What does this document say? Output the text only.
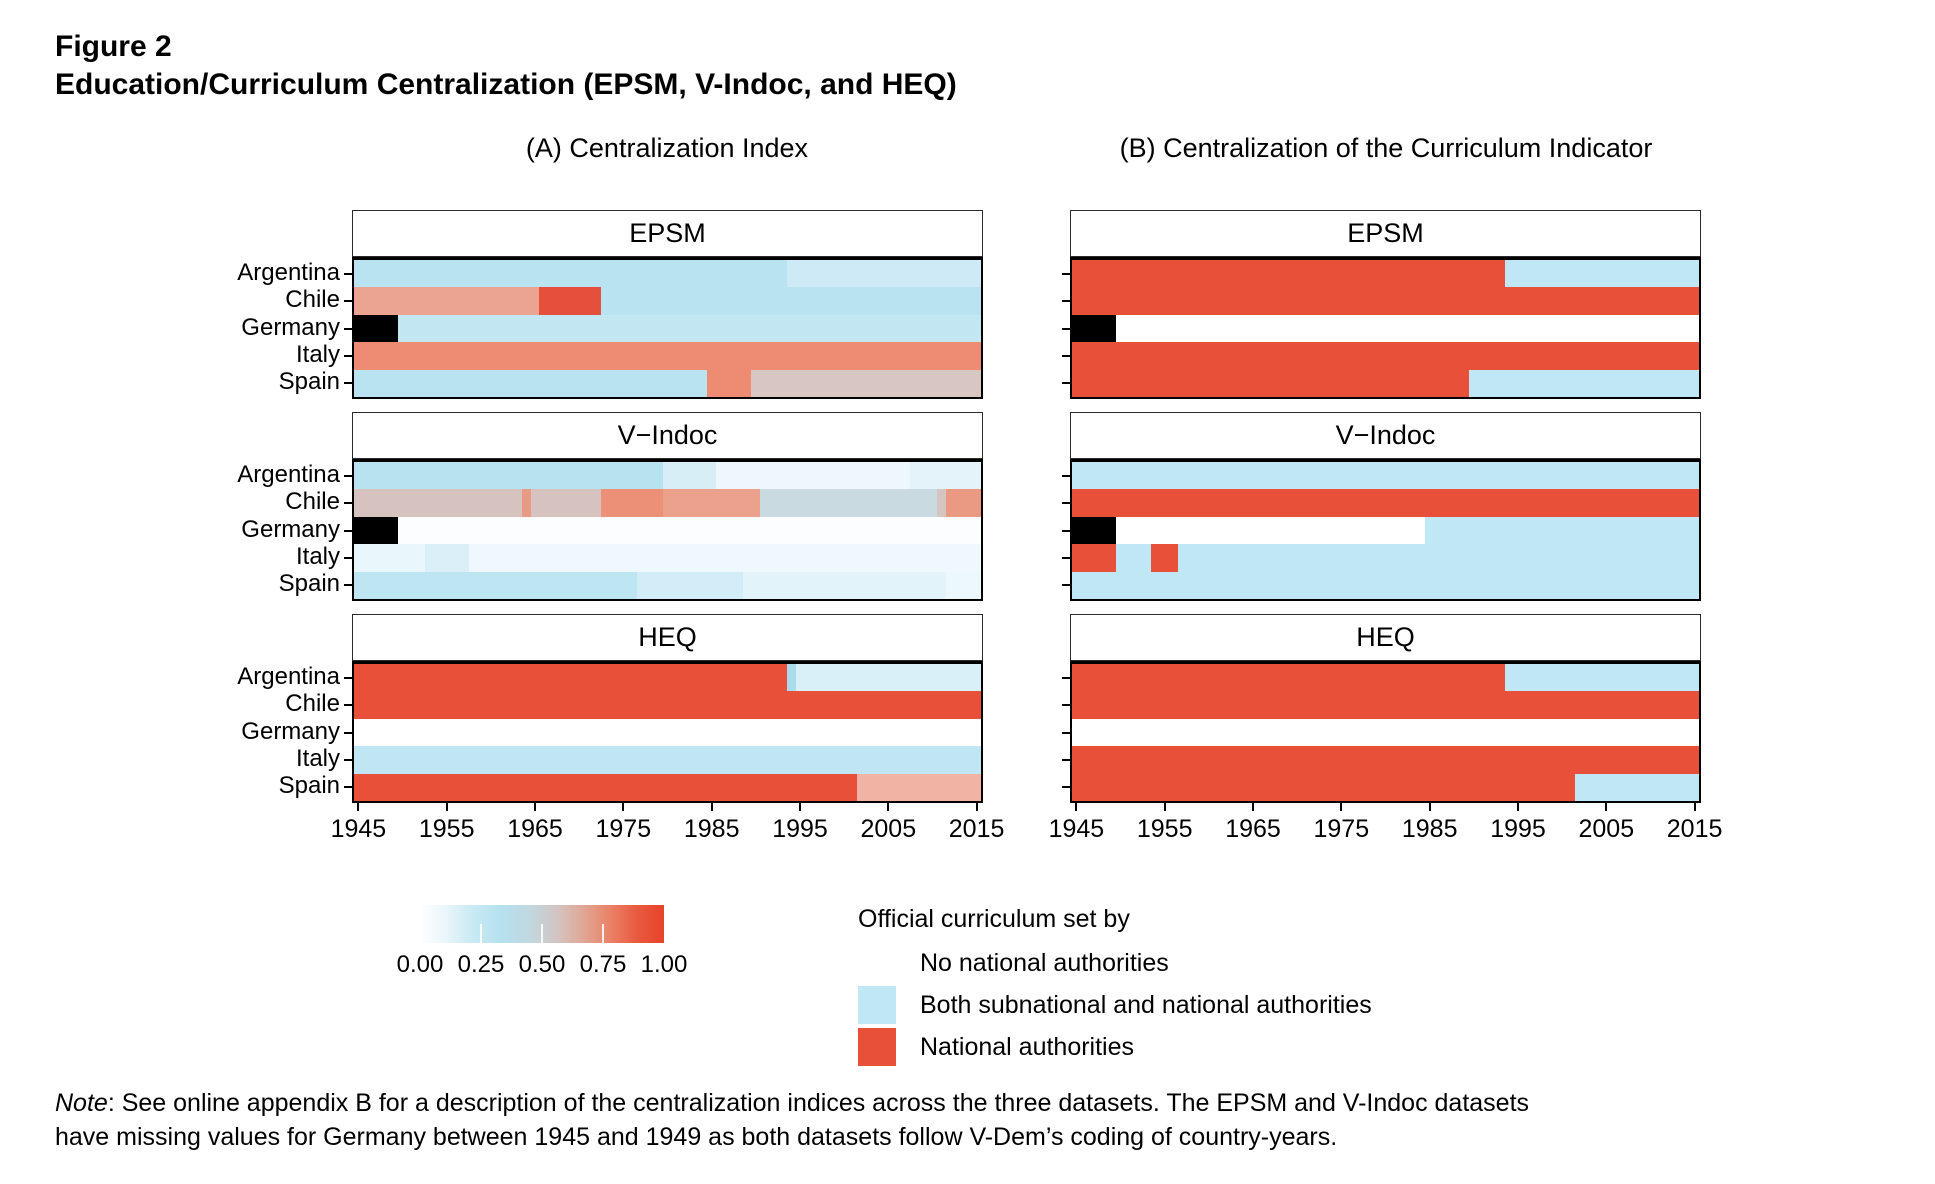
Figure 2
Education/Curriculum Centralization (EPSM, V-Indoc, and HEQ)
(A) Centralization Index	(B) Centralization of the Curriculum Indicator
EPSM
Argentina
Chile
Germany
Italy
Spain
V−Indoc
Argentina
Chile
Germany
Italy
Spain
HEQ
Argentina
Chile
Germany
Italy
Spain
1945 1955 1965 1975 1985 1995 2005 2015
EPSM
V−Indoc
HEQ
1945 1955 1965 1975 1985 1995 2005 2015
0.00 0.25 0.50 0.75 1.00
Official curriculum set by
No national authorities
Both subnational and national authorities
National authorities
Note: See online appendix B for a description of the centralization indices across the three datasets. The EPSM and V-Indoc datasets have missing values for Germany between 1945 and 1949 as both datasets follow V-Dem’s coding of country-years.
